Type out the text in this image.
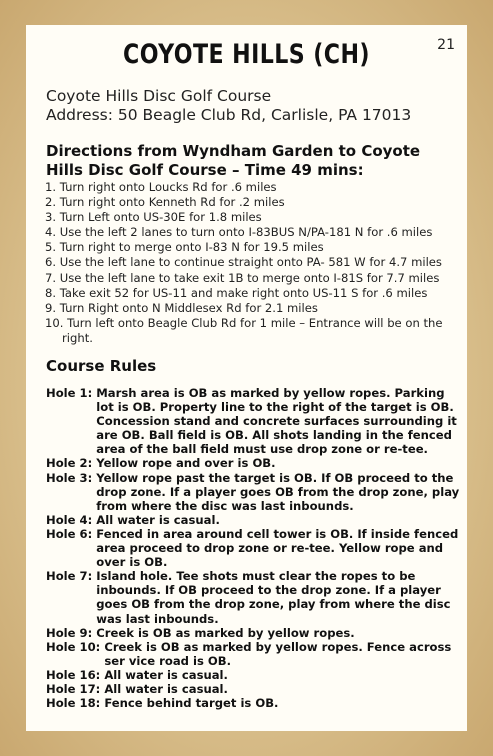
COYOTE HILLS (CH)	21
Coyote Hills Disc Golf Course
Address: 50 Beagle Club Rd, Carlisle, PA 17013
Directions from Wyndham Garden to Coyote Hills Disc Golf Course – Time 49 mins:
1. Turn right onto Loucks Rd for .6 miles
2. Turn right onto Kenneth Rd for .2 miles
3. Turn Left onto US-30E for 1.8 miles
4. Use the left 2 lanes to turn onto I-83BUS N/PA-181 N for .6 miles
5. Turn right to merge onto I-83 N for 19.5 miles
6. Use the left lane to continue straight onto PA- 581 W for 4.7 miles
7. Use the left lane to take exit 1B to merge onto I-81S for 7.7 miles
8. Take exit 52 for US-11 and make right onto US-11 S for .6 miles
9. Turn Right onto N Middlesex Rd for 2.1 miles
10. Turn left onto Beagle Club Rd for 1 mile – Entrance will be on the right.
Course Rules
Hole 1: Marsh area is OB as marked by yellow ropes. Parking lot is OB. Property line to the right of the target is OB. Concession stand and concrete surfaces surrounding it are OB. Ball field is OB. All shots landing in the fenced area of the ball field must use drop zone or re-tee.
Hole 2: Yellow rope and over is OB.
Hole 3: Yellow rope past the target is OB. If OB proceed to the drop zone. If a player goes OB from the drop zone, play from where the disc was last inbounds.
Hole 4: All water is casual.
Hole 6: Fenced in area around cell tower is OB. If inside fenced area proceed to drop zone or re-tee. Yellow rope and over is OB.
Hole 7: Island hole. Tee shots must clear the ropes to be inbounds. If OB proceed to the drop zone. If a player goes OB from the drop zone, play from where the disc was last inbounds.
Hole 9: Creek is OB as marked by yellow ropes.
Hole 10: Creek is OB as marked by yellow ropes. Fence across ser vice road is OB.
Hole 16: All water is casual.
Hole 17: All water is casual.
Hole 18: Fence behind target is OB.
